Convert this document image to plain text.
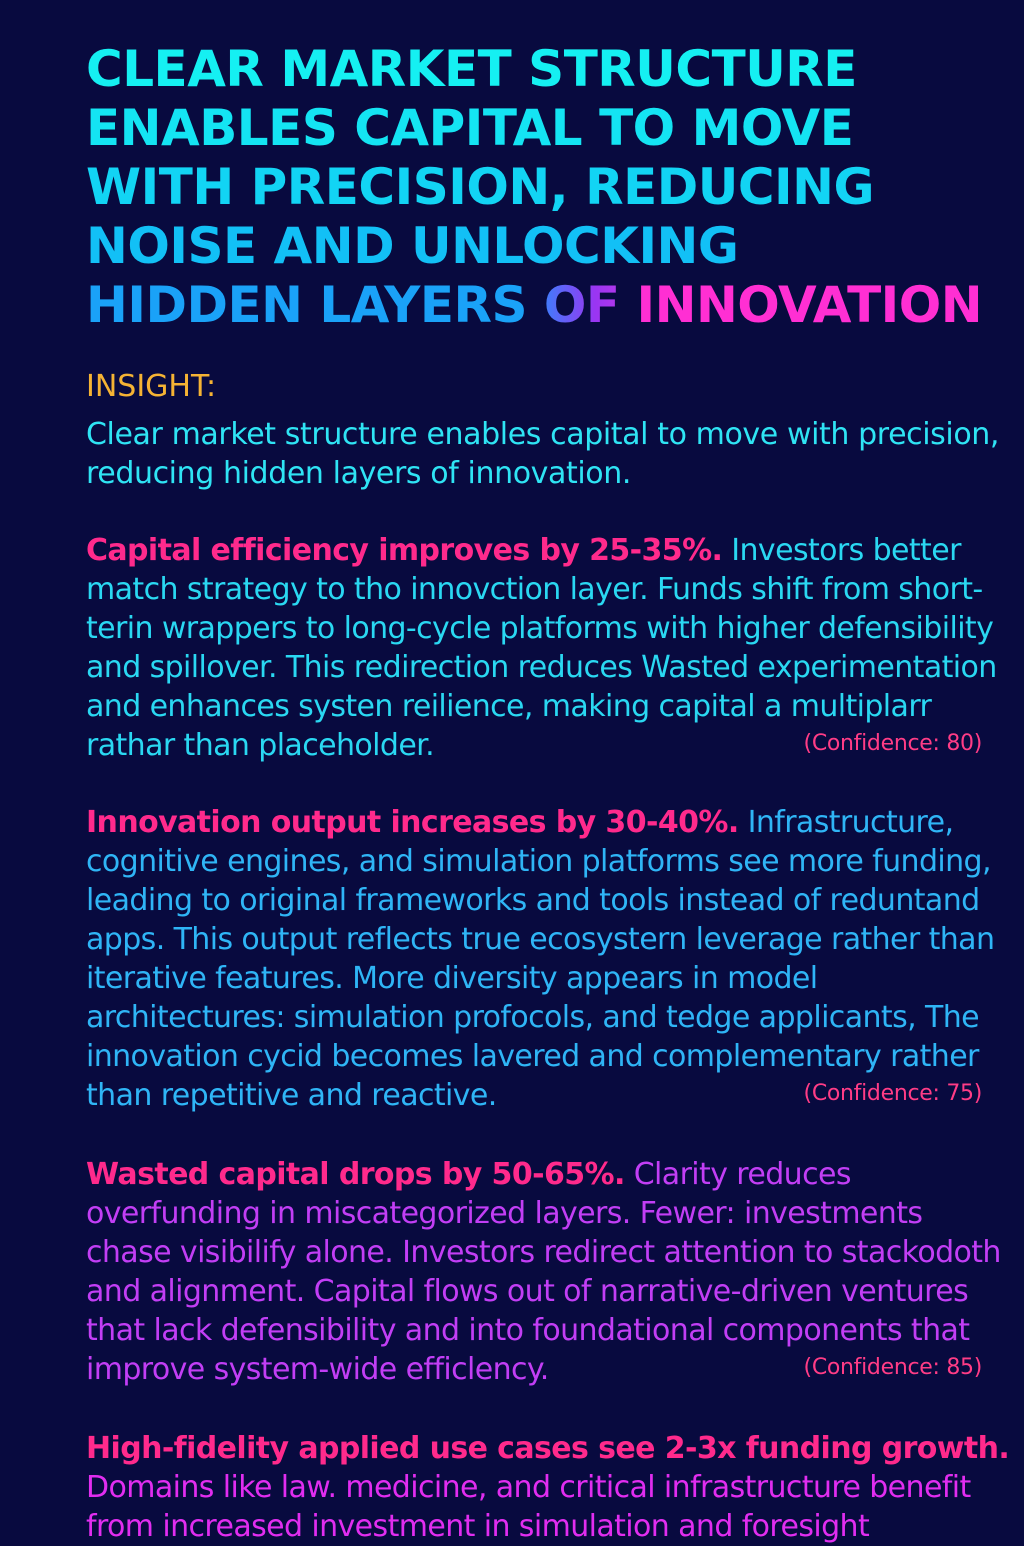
CLEAR MARKET STRUCTURE
ENABLES CAPITAL TO MOVE
WITH PRECISION, REDUCING
NOISE AND UNLOCKING
HIDDEN LAYERS OF INNOVATION
INSIGHT:
Clear market structure enables capital to move with precision, reducing hidden layers of innovation.
Capital efficiency improves by 25-35%. Investors better match strategy to tho innovction layer. Funds shift from short-terin wrappers to long-cycle platforms with higher defensibility and spillover. This redirection reduces Wasted experimentation and enhances systen reilience, making capital a multiplarr rathar than placeholder.	(Confidence: 80)
Innovation output increases by 30-40%. Infrastructure, cognitive engines, and simulation platforms see more funding, leading to original frameworks and tools instead of reduntand apps. This output reflects true ecosystern leverage rather than iterative features. More diversity appears in model architectures: simulation profocols, and tedge applicants, The innovation cycid becomes lavered and complementary rather than repetitive and reactive.	(Confidence: 75)
Wasted capital drops by 50-65%. Clarity reduces overfunding in miscategorized layers. Fewer: investments chase visibilify alone. Investors redirect attention to stackodoth and alignment. Capital flows out of narrative-driven ventures that lack defensibility and into foundational components that improve system-wide efficlency.	(Confidence: 85)
High-fidelity applied use cases see 2-3x funding growth. Domains like law. medicine, and critical infrastructure benefit from increased investment in simulation and foresight
